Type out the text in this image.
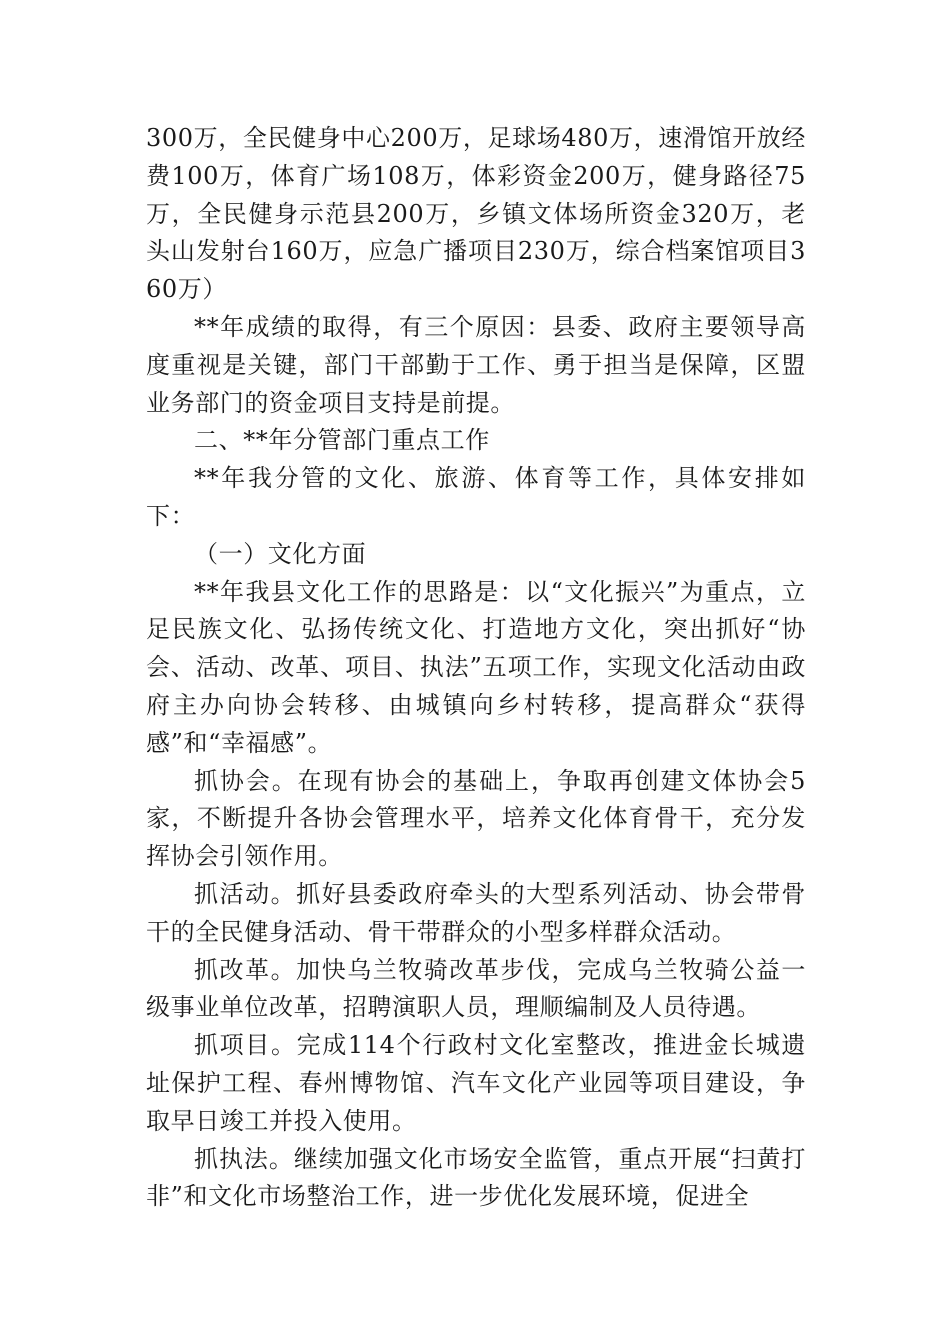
300万，全民健身中心200万，足球场480万，速滑馆开放经费100万，体育广场108万，体彩资金200万，健身路径75万，全民健身示范县200万，乡镇文体场所资金320万，老头山发射台160万，应急广播项目230万，综合档案馆项目360万）

**年成绩的取得，有三个原因：县委、政府主要领导高度重视是关键，部门干部勤于工作、勇于担当是保障，区盟业务部门的资金项目支持是前提。

二、**年分管部门重点工作

**年我分管的文化、旅游、体育等工作，具体安排如下：

（一）文化方面

**年我县文化工作的思路是：以“文化振兴”为重点，立足民族文化、弘扬传统文化、打造地方文化，突出抓好“协会、活动、改革、项目、执法”五项工作，实现文化活动由政府主办向协会转移、由城镇向乡村转移，提高群众“获得感”和“幸福感”。

抓协会。在现有协会的基础上，争取再创建文体协会5家，不断提升各协会管理水平，培养文化体育骨干，充分发挥协会引领作用。

抓活动。抓好县委政府牵头的大型系列活动、协会带骨干的全民健身活动、骨干带群众的小型多样群众活动。

抓改革。加快乌兰牧骑改革步伐，完成乌兰牧骑公益一级事业单位改革，招聘演职人员，理顺编制及人员待遇。

抓项目。完成114个行政村文化室整改，推进金长城遗址保护工程、春州博物馆、汽车文化产业园等项目建设，争取早日竣工并投入使用。

抓执法。继续加强文化市场安全监管，重点开展“扫黄打非”和文化市场整治工作，进一步优化发展环境，促进全
